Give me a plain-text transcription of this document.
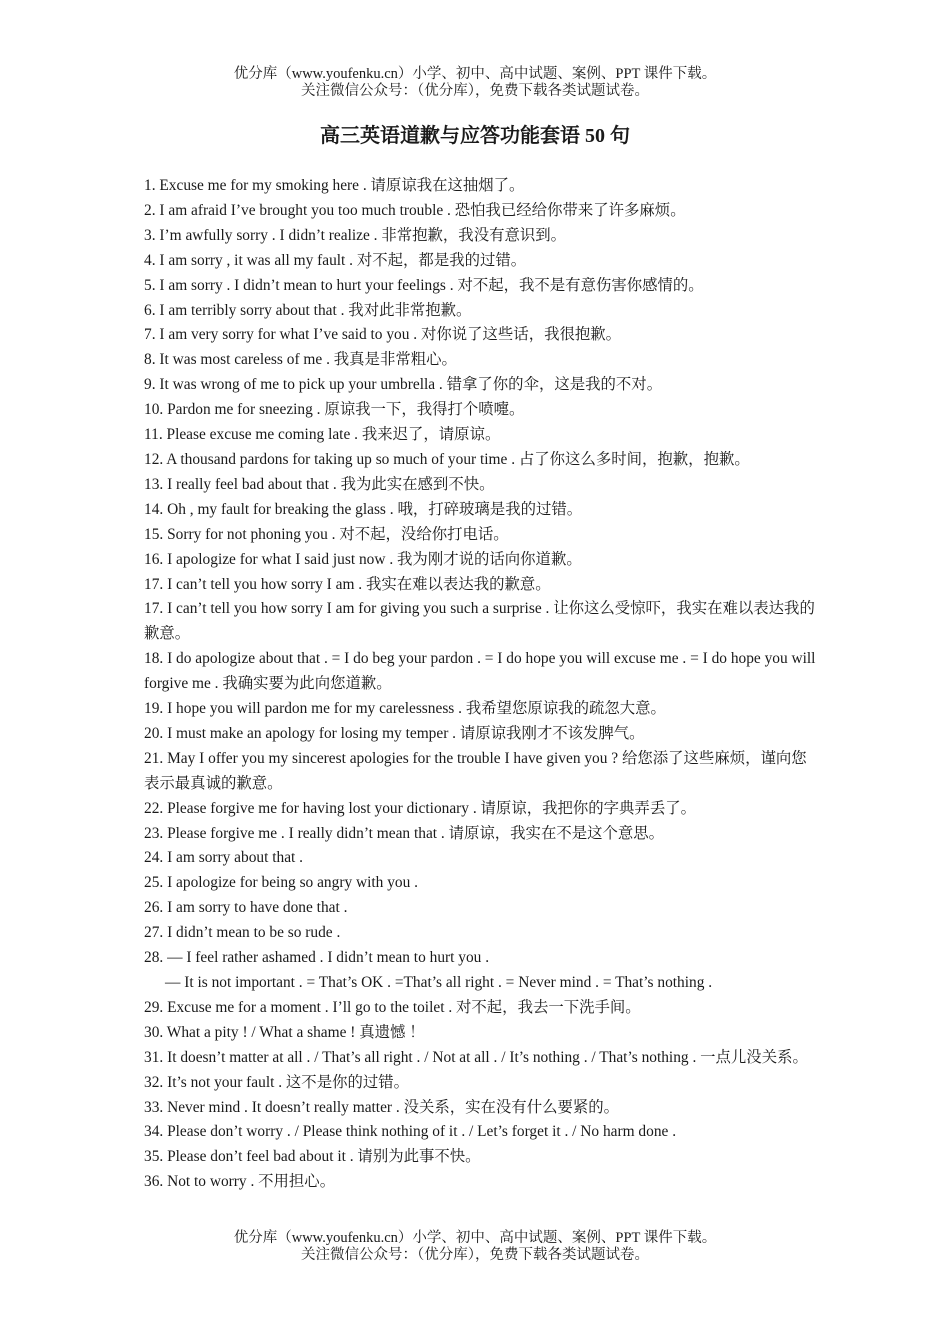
优分库（www.youfenku.cn）小学、初中、高中试题、案例、PPT 课件下载。
关注微信公众号：（优分库），免费下载各类试题试卷。
高三英语道歉与应答功能套语 50 句
1. Excuse me for my smoking here . 请原谅我在这抽烟了。
2. I am afraid I’ve brought you too much trouble . 恐怕我已经给你带来了许多麻烦。
3. I’m awfully sorry . I didn’t realize . 非常抱歉，我没有意识到。
4. I am sorry , it was all my fault . 对不起，都是我的过错。
5. I am sorry . I didn’t mean to hurt your feelings . 对不起，我不是有意伤害你感情的。
6. I am terribly sorry about that . 我对此非常抱歉。
7. I am very sorry for what I’ve said to you . 对你说了这些话，我很抱歉。
8. It was most careless of me . 我真是非常粗心。
9. It was wrong of me to pick up your umbrella . 错拿了你的伞，这是我的不对。
10. Pardon me for sneezing . 原谅我一下，我得打个喷嚏。
11. Please excuse me coming late . 我来迟了，请原谅。
12. A thousand pardons for taking up so much of your time . 占了你这么多时间，抱歉，抱歉。
13. I really feel bad about that . 我为此实在感到不快。
14. Oh , my fault for breaking the glass . 哦，打碎玻璃是我的过错。
15. Sorry for not phoning you . 对不起，没给你打电话。
16. I apologize for what I said just now . 我为刚才说的话向你道歉。
17. I can’t tell you how sorry I am . 我实在难以表达我的歉意。
17. I can’t tell you how sorry I am for giving you such a surprise . 让你这么受惊吓，我实在难以表达我的歉意。
18. I do apologize about that . = I do beg your pardon . = I do hope you will excuse me . = I do hope you will forgive me . 我确实要为此向您道歉。
19. I hope you will pardon me for my carelessness . 我希望您原谅我的疏忽大意。
20. I must make an apology for losing my temper . 请原谅我刚才不该发脾气。
21. May I offer you my sincerest apologies for the trouble I have given you ? 给您添了这些麻烦，谨向您表示最真诚的歉意。
22. Please forgive me for having lost your dictionary . 请原谅，我把你的字典弄丢了。
23. Please forgive me . I really didn’t mean that . 请原谅，我实在不是这个意思。
24. I am sorry about that .
25. I apologize for being so angry with you .
26. I am sorry to have done that .
27. I didn’t mean to be so rude .
28. — I feel rather ashamed . I didn’t mean to hurt you .
— It is not important . = That’s OK . =That’s all right . = Never mind . = That’s nothing .
29. Excuse me for a moment . I’ll go to the toilet . 对不起，我去一下洗手间。
30. What a pity ! / What a shame ! 真遗憾 ！
31. It doesn’t matter at all . / That’s all right . / Not at all . / It’s nothing . / That’s nothing . 一点儿没关系。
32. It’s not your fault . 这不是你的过错。
33. Never mind . It doesn’t really matter . 没关系，实在没有什么要紧的。
34. Please don’t worry . / Please think nothing of it . / Let’s forget it . / No harm done .
35. Please don’t feel bad about it . 请别为此事不快。
36. Not to worry . 不用担心。
优分库（www.youfenku.cn）小学、初中、高中试题、案例、PPT 课件下载。
关注微信公众号：（优分库），免费下载各类试题试卷。
